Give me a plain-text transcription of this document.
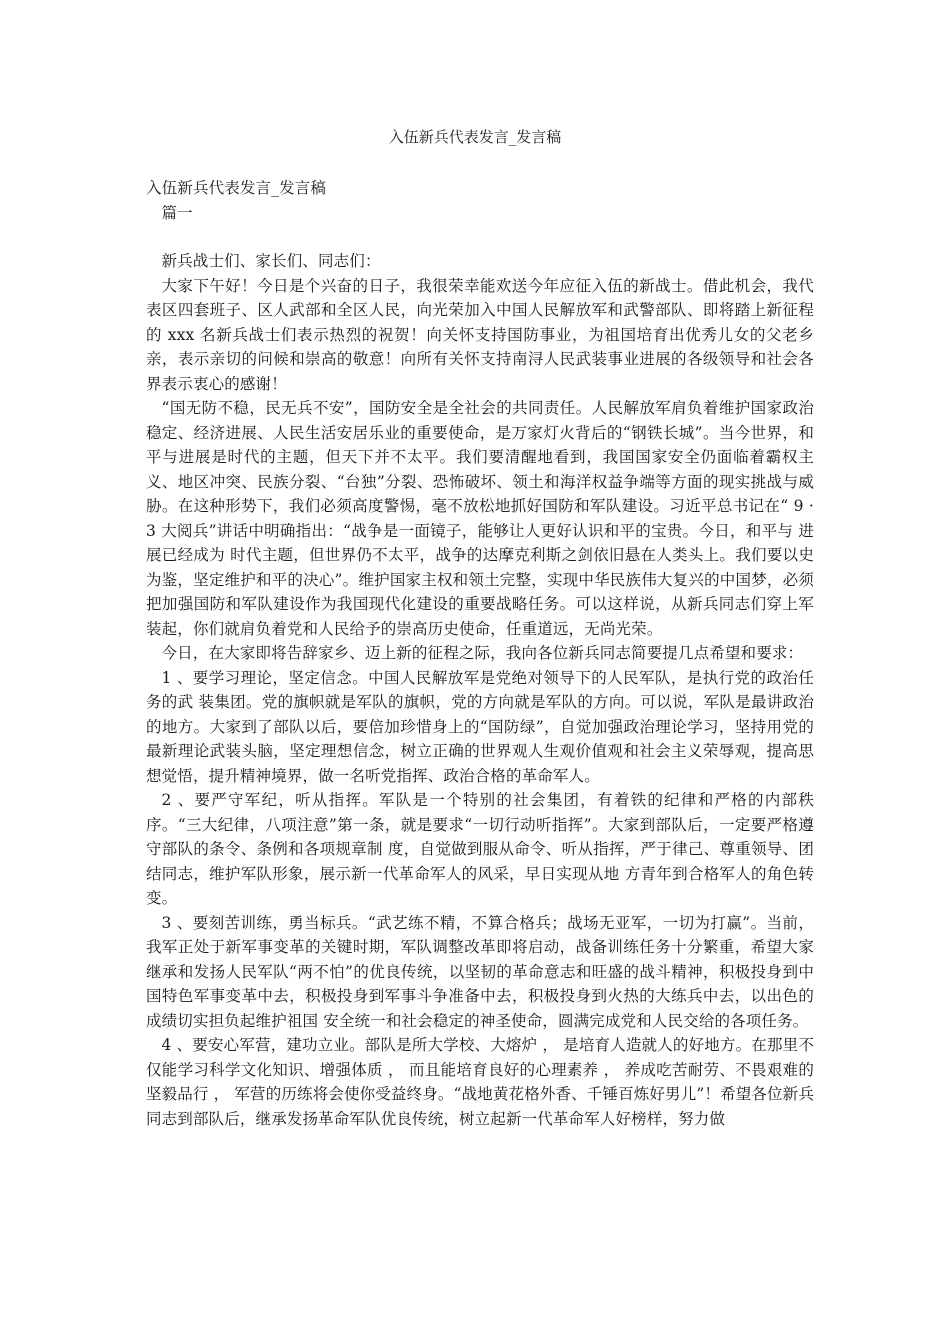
入伍新兵代表发言_发言稿

入伍新兵代表发言_发言稿

篇一

新兵战士们、家长们、同志们：

大家下午好！今日是个兴奋的日子，我很荣幸能欢送今年应征入伍的新战士。借此机会，我代表区四套班子、区人武部和全区人民，向光荣加入中国人民解放军和武警部队、即将踏上新征程的 xxx 名新兵战士们表示热烈的祝贺！向关怀支持国防事业，为祖国培育出优秀儿女的父老乡亲，表示亲切的问候和崇高的敬意！向所有关怀支持南浔人民武装事业进展的各级领导和社会各界表示衷心的感谢！

“国无防不稳，民无兵不安”，国防安全是全社会的共同责任。人民解放军肩负着维护国家政治稳定、经济进展、人民生活安居乐业的重要使命，是万家灯火背后的“钢铁长城”。当今世界，和平与进展是时代的主题，但天下并不太平。我们要清醒地看到，我国国家安全仍面临着霸权主义、地区冲突、民族分裂、“台独”分裂、恐怖破坏、领土和海洋权益争端等方面的现实挑战与威胁。在这种形势下，我们必须高度警惕，毫不放松地抓好国防和军队建设。习近平总书记在“ 9 · 3 大阅兵”讲话中明确指出：“战争是一面镜子，能够让人更好认识和平的宝贵。今日，和平与 进展已经成为 时代主题，但世界仍不太平，战争的达摩克利斯之剑依旧悬在人类头上。我们要以史为鉴，坚定维护和平的决心”。维护国家主权和领土完整，实现中华民族伟大复兴的中国梦，必须把加强国防和军队建设作为我国现代化建设的重要战略任务。可以这样说，从新兵同志们穿上军装起，你们就肩负着党和人民给予的崇高历史使命，任重道远，无尚光荣。

今日，在大家即将告辞家乡、迈上新的征程之际，我向各位新兵同志简要提几点希望和要求：

1 、要学习理论，坚定信念。中国人民解放军是党绝对领导下的人民军队，是执行党的政治任务的武 装集团。党的旗帜就是军队的旗帜，党的方向就是军队的方向。可以说，军队是最讲政治的地方。大家到了部队以后，要倍加珍惜身上的“国防绿”，自觉加强政治理论学习，坚持用党的最新理论武装头脑，坚定理想信念，树立正确的世界观人生观价值观和社会主义荣辱观，提高思想觉悟，提升精神境界，做一名听党指挥、政治合格的革命军人。

2 、要严守军纪，听从指挥。军队是一个特别的社会集团，有着铁的纪律和严格的内部秩序。“三大纪律，八项注意”第一条，就是要求“一切行动听指挥”。大家到部队后，一定要严格遵守部队的条令、条例和各项规章制 度，自觉做到服从命令、听从指挥，严于律己、尊重领导、团结同志，维护军队形象，展示新一代革命军人的风采，早日实现从地 方青年到合格军人的角色转变。

3 、要刻苦训练，勇当标兵。“武艺练不精，不算合格兵；战场无亚军，一切为打赢”。当前，我军正处于新军事变革的关键时期，军队调整改革即将启动，战备训练任务十分繁重，希望大家继承和发扬人民军队“两不怕”的优良传统，以坚韧的革命意志和旺盛的战斗精神，积极投身到中国特色军事变革中去，积极投身到军事斗争准备中去，积极投身到火热的大练兵中去，以出色的成绩切实担负起维护祖国 安全统一和社会稳定的神圣使命，圆满完成党和人民交给的各项任务。

4 、要安心军营，建功立业。部队是所大学校、大熔炉 ， 是培育人造就人的好地方。在那里不仅能学习科学文化知识、增强体质 ， 而且能培育良好的心理素养 ， 养成吃苦耐劳、不畏艰难的坚毅品行 ， 军营的历练将会使你受益终身。“战地黄花格外香、千锤百炼好男儿”！希望各位新兵同志到部队后，继承发扬革命军队优良传统，树立起新一代革命军人好榜样，努力做
